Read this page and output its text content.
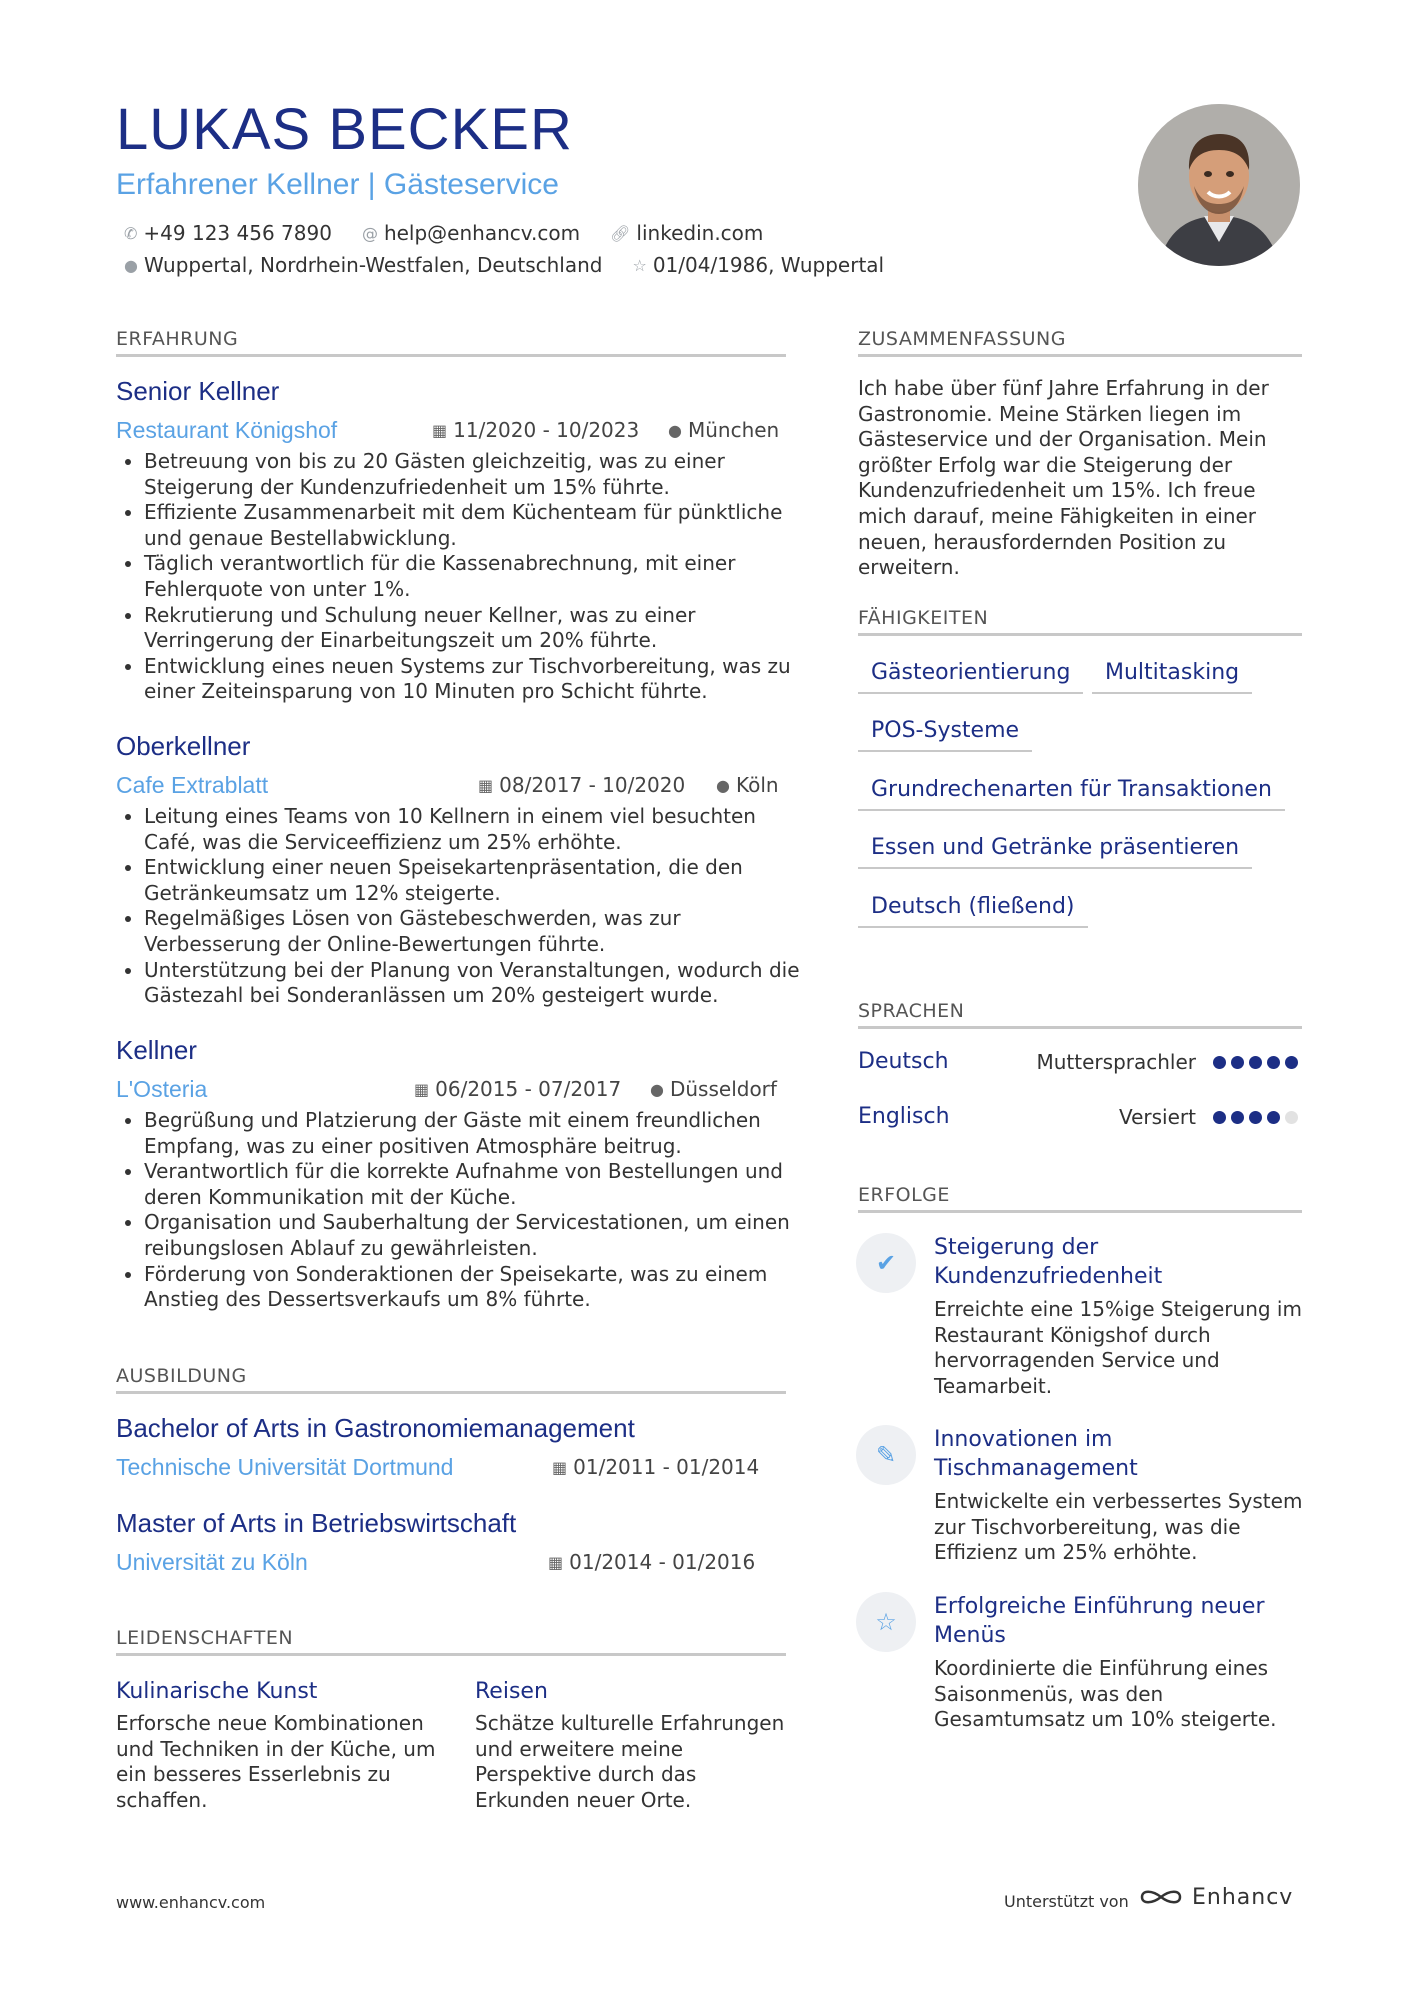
LUKAS BECKER
Erfahrener Kellner | Gästeservice
✆ +49 123 456 7890 @ help@enhancv.com 🔗︎ linkedin.com
● Wuppertal, Nordrhein-Westfalen, Deutschland ☆ 01/04/1986, Wuppertal
ERFAHRUNG
Senior Kellner
Restaurant Königshof	▦ 11/2020 - 10/2023 ● München
• Betreuung von bis zu 20 Gästen gleichzeitig, was zu einer Steigerung der Kundenzufriedenheit um 15% führte.
• Effiziente Zusammenarbeit mit dem Küchenteam für pünktliche und genaue Bestellabwicklung.
• Täglich verantwortlich für die Kassenabrechnung, mit einer Fehlerquote von unter 1%.
• Rekrutierung und Schulung neuer Kellner, was zu einer Verringerung der Einarbeitungszeit um 20% führte.
• Entwicklung eines neuen Systems zur Tischvorbereitung, was zu einer Zeiteinsparung von 10 Minuten pro Schicht führte.
Oberkellner
Cafe Extrablatt	▦ 08/2017 - 10/2020 ● Köln
• Leitung eines Teams von 10 Kellnern in einem viel besuchten Café, was die Serviceeffizienz um 25% erhöhte.
• Entwicklung einer neuen Speisekartenpräsentation, die den Getränkeumsatz um 12% steigerte.
• Regelmäßiges Lösen von Gästebeschwerden, was zur Verbesserung der Online-Bewertungen führte.
• Unterstützung bei der Planung von Veranstaltungen, wodurch die Gästezahl bei Sonderanlässen um 20% gesteigert wurde.
Kellner
L'Osteria	▦ 06/2015 - 07/2017 ● Düsseldorf
• Begrüßung und Platzierung der Gäste mit einem freundlichen Empfang, was zu einer positiven Atmosphäre beitrug.
• Verantwortlich für die korrekte Aufnahme von Bestellungen und deren Kommunikation mit der Küche.
• Organisation und Sauberhaltung der Servicestationen, um einen reibungslosen Ablauf zu gewährleisten.
• Förderung von Sonderaktionen der Speisekarte, was zu einem Anstieg des Dessertsverkaufs um 8% führte.
AUSBILDUNG
Bachelor of Arts in Gastronomiemanagement
Technische Universität Dortmund	▦ 01/2011 - 01/2014
Master of Arts in Betriebswirtschaft
Universität zu Köln	▦ 01/2014 - 01/2016
LEIDENSCHAFTEN
Kulinarische Kunst
Erforsche neue Kombinationen und Techniken in der Küche, um ein besseres Esserlebnis zu schaffen.
Reisen
Schätze kulturelle Erfahrungen und erweitere meine Perspektive durch das Erkunden neuer Orte.
ZUSAMMENFASSUNG
Ich habe über fünf Jahre Erfahrung in der Gastronomie. Meine Stärken liegen im Gästeservice und der Organisation. Mein größter Erfolg war die Steigerung der Kundenzufriedenheit um 15%. Ich freue mich darauf, meine Fähigkeiten in einer neuen, herausfordernden Position zu erweitern.
FÄHIGKEITEN
Gästeorientierung	Multitasking
POS-Systeme
Grundrechenarten für Transaktionen
Essen und Getränke präsentieren
Deutsch (fließend)
SPRACHEN
Deutsch	Muttersprachler
Englisch	Versiert
ERFOLGE
✔
Steigerung der Kundenzufriedenheit
Erreichte eine 15%ige Steigerung im Restaurant Königshof durch hervorragenden Service und Teamarbeit.
✎
Innovationen im Tischmanagement
Entwickelte ein verbessertes System zur Tischvorbereitung, was die Effizienz um 25% erhöhte.
☆
Erfolgreiche Einführung neuer Menüs
Koordinierte die Einführung eines Saisonmenüs, was den Gesamtumsatz um 10% steigerte.
www.enhancv.com	Unterstützt von	Enhancv
